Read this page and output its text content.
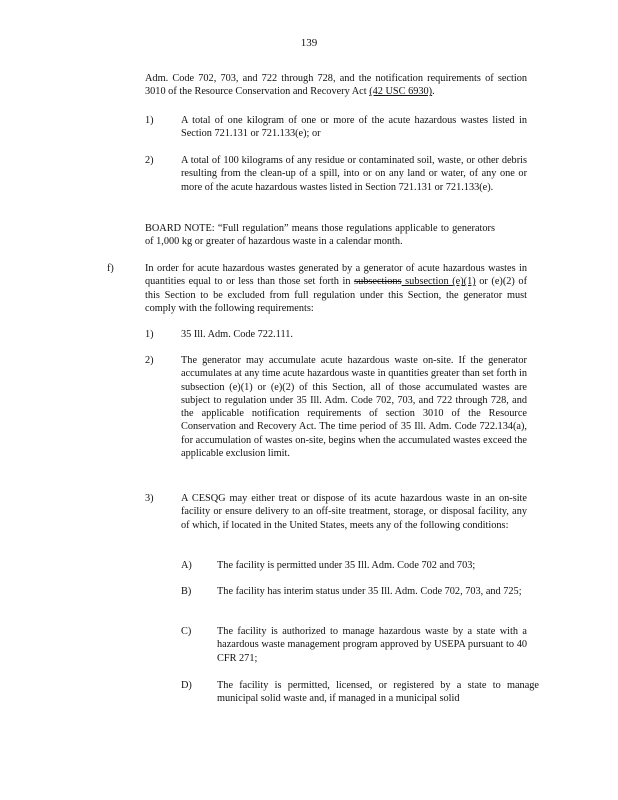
139
Adm. Code 702, 703, and 722 through 728, and the notification requirements of section 3010 of the Resource Conservation and Recovery Act (42 USC 6930).
1)	A total of one kilogram of one or more of the acute hazardous wastes listed in Section 721.131 or 721.133(e); or
2)	A total of 100 kilograms of any residue or contaminated soil, waste, or other debris resulting from the clean-up of a spill, into or on any land or water, of any one or more of the acute hazardous wastes listed in Section 721.131 or 721.133(e).
BOARD NOTE: “Full regulation” means those regulations applicable to generators of 1,000 kg or greater of hazardous waste in a calendar month.
f)	In order for acute hazardous wastes generated by a generator of acute hazardous wastes in quantities equal to or less than those set forth in subsections subsection (e)(1) or (e)(2) of this Section to be excluded from full regulation under this Section, the generator must comply with the following requirements:
1)	35 Ill. Adm. Code 722.111.
2)	The generator may accumulate acute hazardous waste on-site. If the generator accumulates at any time acute hazardous waste in quantities greater than set forth in subsection (e)(1) or (e)(2) of this Section, all of those accumulated wastes are subject to regulation under 35 Ill. Adm. Code 702, 703, and 722 through 728, and the applicable notification requirements of section 3010 of the Resource Conservation and Recovery Act. The time period of 35 Ill. Adm. Code 722.134(a), for accumulation of wastes on-site, begins when the accumulated wastes exceed the applicable exclusion limit.
3)	A CESQG may either treat or dispose of its acute hazardous waste in an on-site facility or ensure delivery to an off-site treatment, storage, or disposal facility, any of which, if located in the United States, meets any of the following conditions:
A) The facility is permitted under 35 Ill. Adm. Code 702 and 703;
B) The facility has interim status under 35 Ill. Adm. Code 702, 703, and 725;
C) The facility is authorized to manage hazardous waste by a state with a hazardous waste management program approved by USEPA pursuant to 40 CFR 271;
D) The facility is permitted, licensed, or registered by a state to manage municipal solid waste and, if managed in a municipal solid
